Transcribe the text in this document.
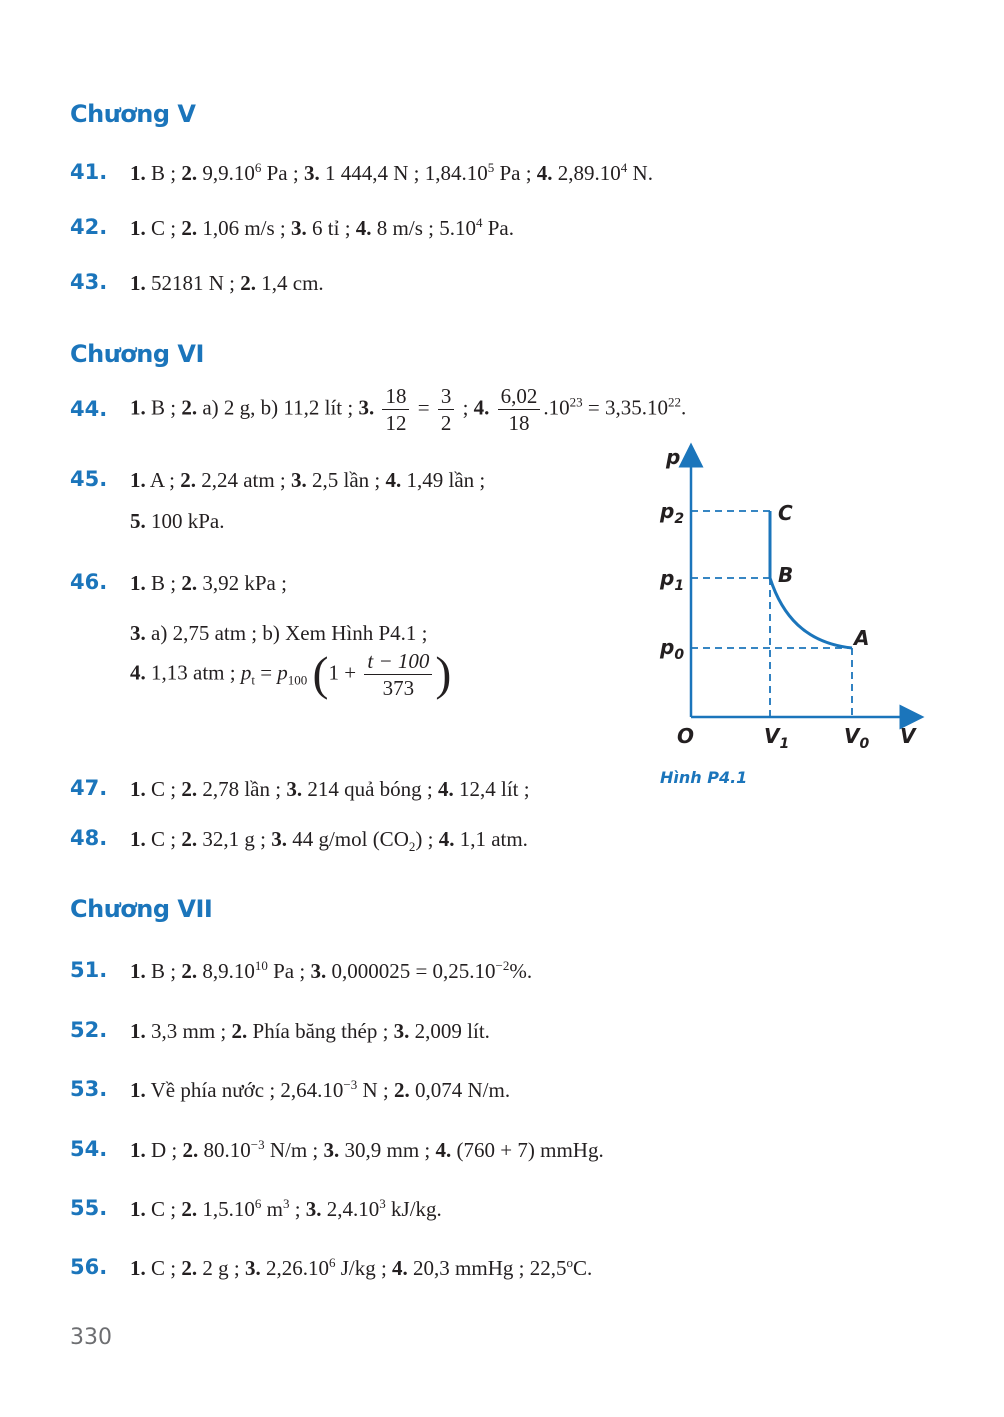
Chương V
41. 1. B ; 2. 9,9.10$^6$ Pa ; 3. 1 444,4 N ; 1,84.10$^5$ Pa ; 4. 2,89.10$^4$ N.
42. 1. C ; 2. 1,06 m/s ; 3. 6 tỉ ; 4. 8 m/s ; 5.10$^4$ Pa.
43. 1. 52181 N ; 2. 1,4 cm.
Chương VI
44. 1. B ; 2. a) 2 g, b) 11,2 lít ; 3. $\frac{18}{12} = \frac{3}{2}$ ; 4. $\frac{6,02}{18} .10^{23} = 3,35.10^{22}$.
45. 1. A ; 2. 2,24 atm ; 3. 2,5 lần ; 4. 1,49 lần ;
5. 100 kPa.
46. 1. B ; 2. 3,92 kPa ;
3. a) 2,75 atm ; b) Xem Hình P4.1 ;
4. 1,13 atm ; $p_t = p_{100}$ ($1 + \frac{t - 100}{373}$ )
47. 1. C ; 2. 2,78 lần ; 3. 214 quả bóng ; 4. 12,4 lít ;
48. 1. C ; 2. 32,1 g ; 3. 44 g/mol $(CO_2)$ ; 4. 1,1 atm.
p
V
O
$p_2$
$p_1$
$p_0$
$V_1$	$V_0$
C
B
A
Hình P4.1
Chương VII
51. 1. B ; 2. 8,9.10$^{10}$ Pa ; 3. $0,000025 = 0,25.10^{-2}\%$.
52. 1. 3,3 mm ; 2. Phía băng thép ; 3. 2,009 lít.
53. 1. Về phía nước ; $2,64.10^{-3}$ N ; 2. 0,074 N/m.
54. 1. D ; 2. $80.10^{-3}$ N/m ; 3. 30,9 mm ; 4. (760 + 7) mmHg.
55. 1. C ; 2. 1,5.10$^6$ $m^3$ ; 3. 2,4.10$^3$ kJ/kg.
56. 1. C ; 2. 2 g ; 3. 2,26.10$^6$ J/kg ; 4. 20,3 mmHg ; 22,5$^o$C.
330
